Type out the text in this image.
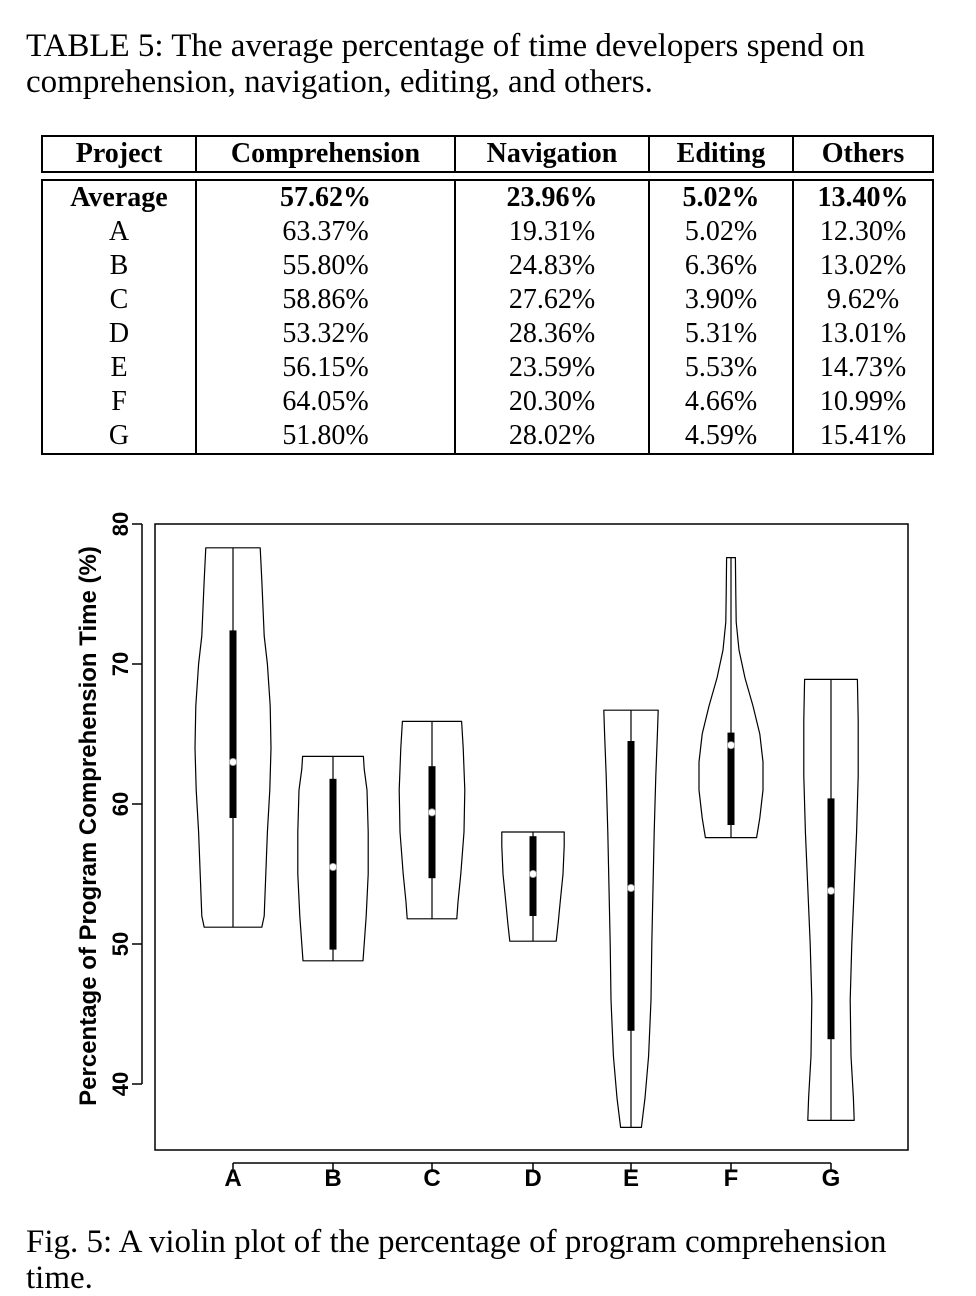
TABLE 5: The average percentage of time developers spend on comprehension, navigation, editing, and others.
Project	Comprehension	Navigation	Editing	Others

Average	57.62%	23.96%	5.02%	13.40%
A	63.37%	19.31%	5.02%	12.30%
B	55.80%	24.83%	6.36%	13.02%
C	58.86%	27.62%	3.90%	9.62%
D	53.32%	28.36%	5.31%	13.01%
E	56.15%	23.59%	5.53%	14.73%
F	64.05%	20.30%	4.66%	10.99%
G	51.80%	28.02%	4.59%	15.41%
Percentage of Program Comprehension Time (%) 40
50
60
70
80
A	B	C	D	E	F	G
Fig. 5: A violin plot of the percentage of program comprehension time.
